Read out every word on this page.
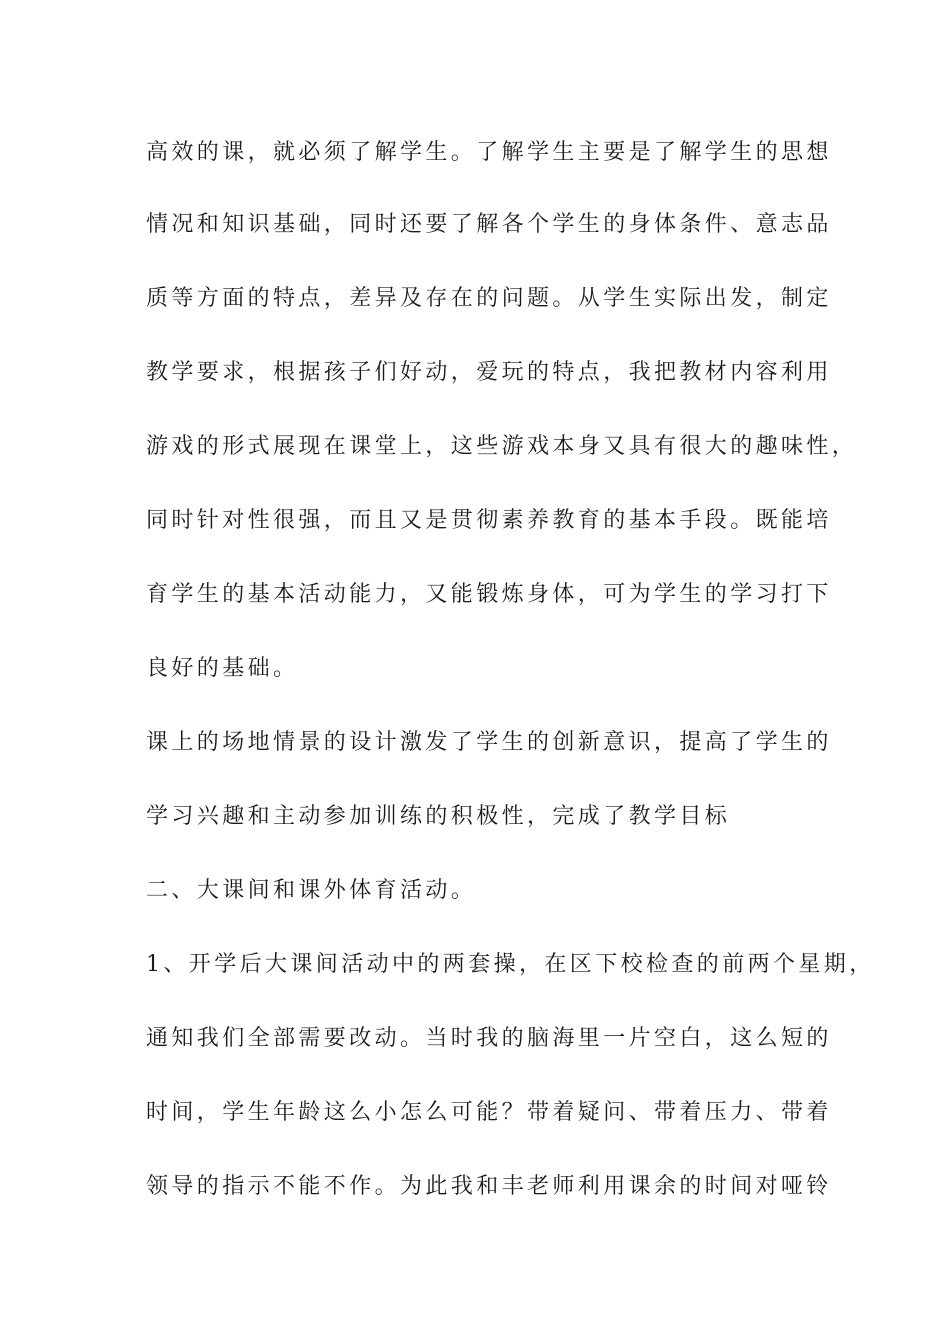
高效的课，就必须了解学生。了解学生主要是了解学生的思想
情况和知识基础，同时还要了解各个学生的身体条件、意志品
质等方面的特点，差异及存在的问题。从学生实际出发，制定
教学要求，根据孩子们好动，爱玩的特点，我把教材内容利用
游戏的形式展现在课堂上，这些游戏本身又具有很大的趣味性，
同时针对性很强，而且又是贯彻素养教育的基本手段。既能培
育学生的基本活动能力，又能锻炼身体，可为学生的学习打下
良好的基础。
课上的场地情景的设计激发了学生的创新意识，提高了学生的
学习兴趣和主动参加训练的积极性，完成了教学目标
二、大课间和课外体育活动。
1、开学后大课间活动中的两套操，在区下校检查的前两个星期，
通知我们全部需要改动。当时我的脑海里一片空白，这么短的
时间，学生年龄这么小怎么可能？带着疑问、带着压力、带着
领导的指示不能不作。为此我和丰老师利用课余的时间对哑铃
